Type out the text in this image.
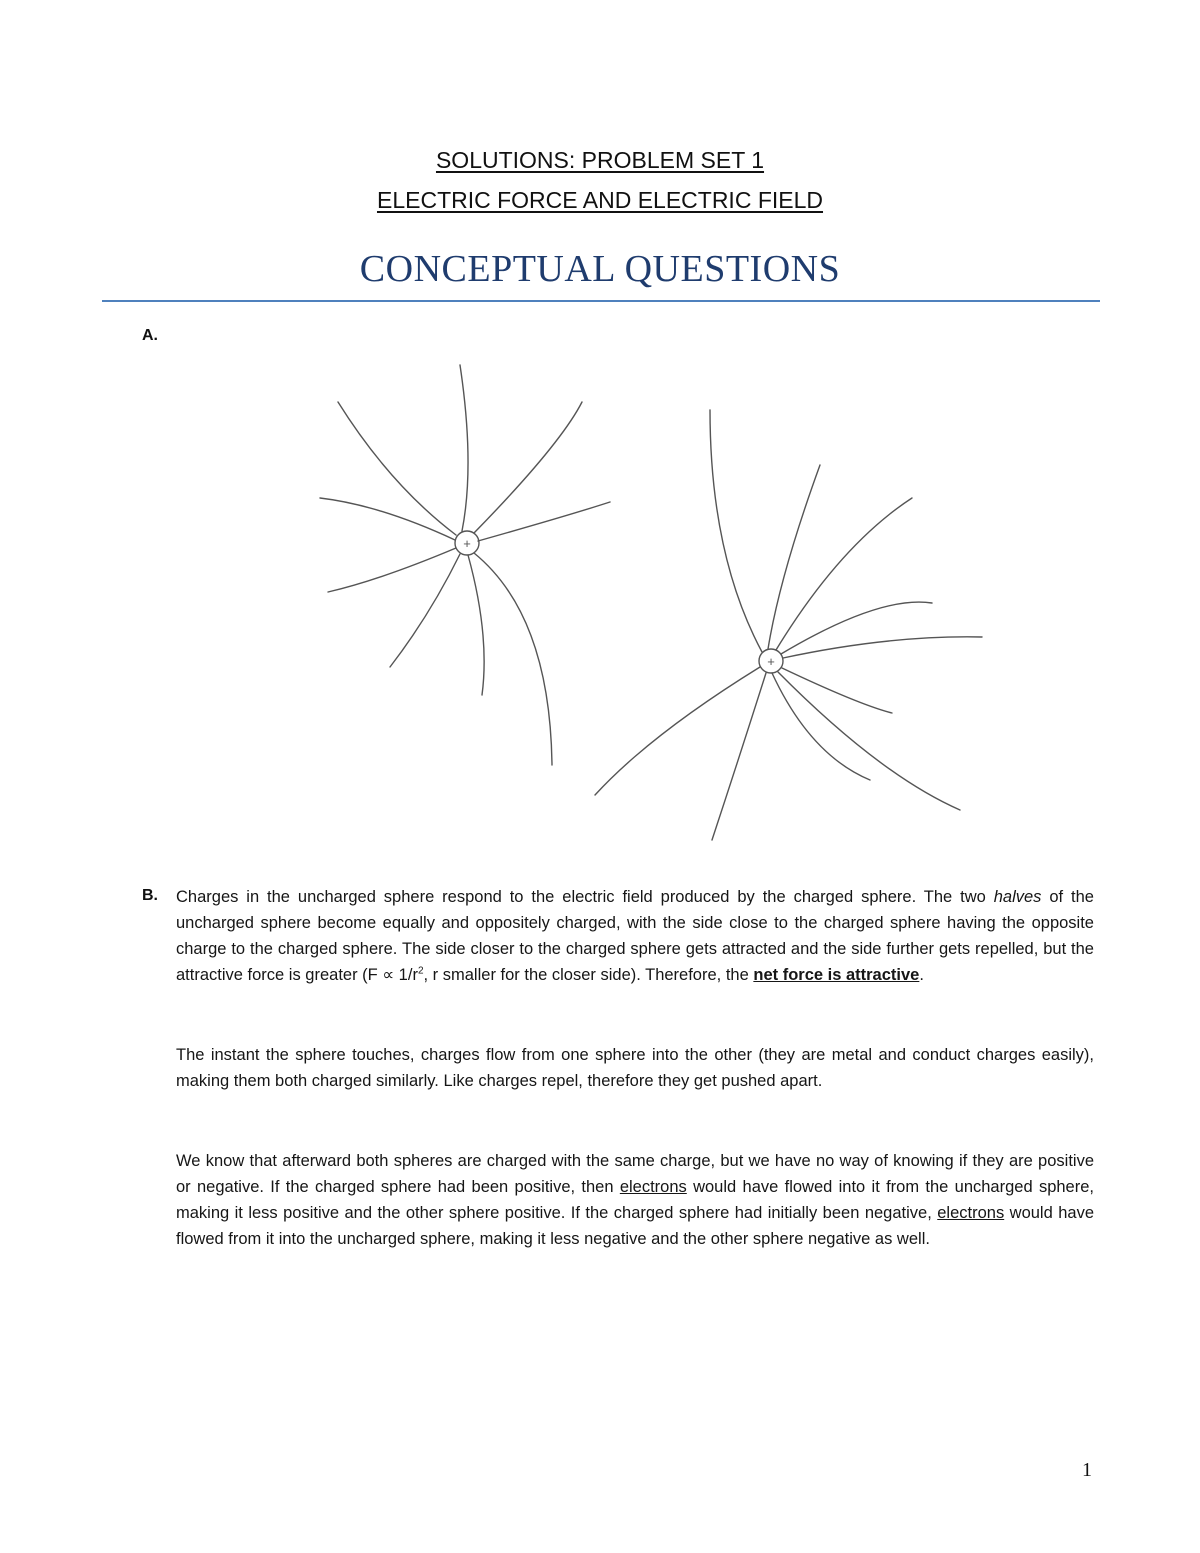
SOLUTIONS: PROBLEM SET 1
ELECTRIC FORCE AND ELECTRIC FIELD
CONCEPTUAL QUESTIONS
A.
+
+
B. Charges in the uncharged sphere respond to the electric field produced by the charged sphere. The two halves of the uncharged sphere become equally and oppositely charged, with the side close to the charged sphere having the opposite charge to the charged sphere. The side closer to the charged sphere gets attracted and the side further gets repelled, but the attractive force is greater ($F \propto 1/r^2$, r smaller for the closer side). Therefore, the net force is attractive.
The instant the sphere touches, charges flow from one sphere into the other (they are metal and conduct charges easily), making them both charged similarly. Like charges repel, therefore they get pushed apart.
We know that afterward both spheres are charged with the same charge, but we have no way of knowing if they are positive or negative. If the charged sphere had been positive, then electrons would have flowed into it from the uncharged sphere, making it less positive and the other sphere positive. If the charged sphere had initially been negative, electrons would have flowed from it into the uncharged sphere, making it less negative and the other sphere negative as well.
1
